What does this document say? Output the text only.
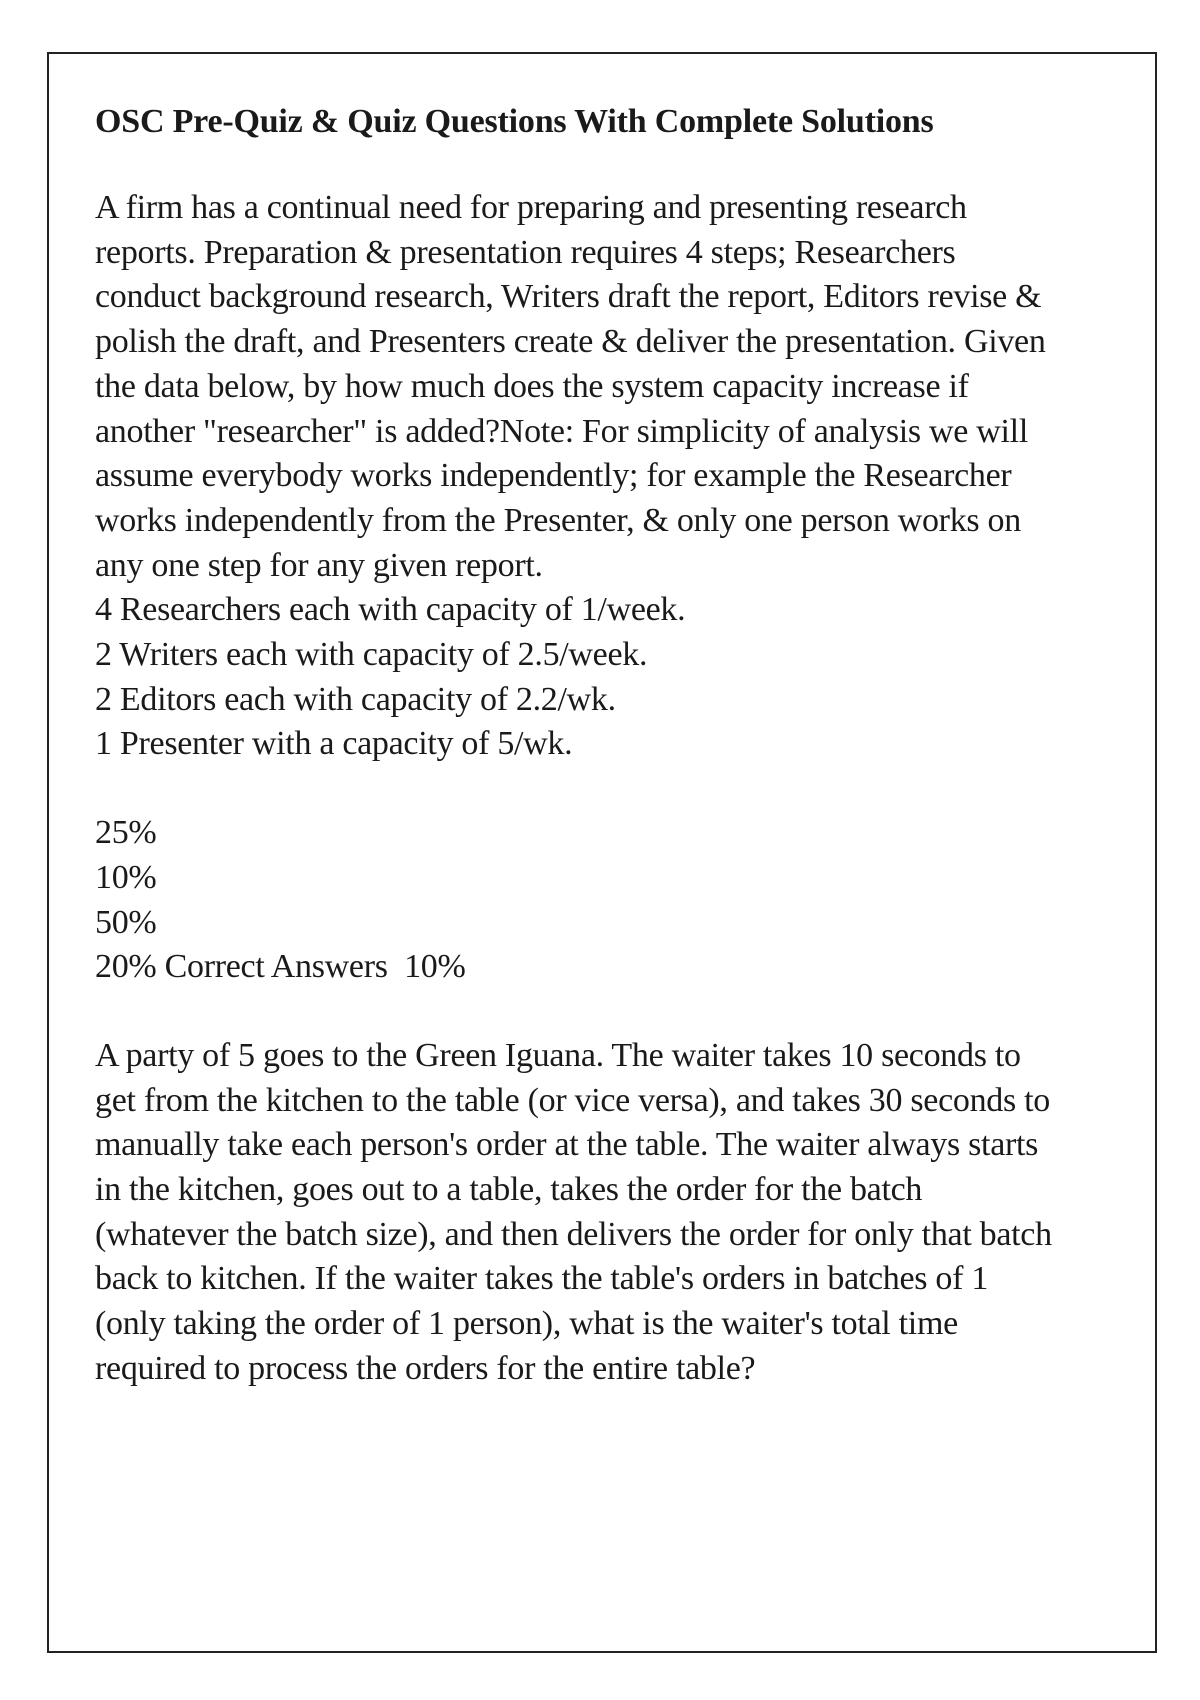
OSC Pre-Quiz & Quiz Questions With Complete Solutions

A firm has a continual need for preparing and presenting research reports. Preparation & presentation requires 4 steps; Researchers conduct background research, Writers draft the report, Editors revise & polish the draft, and Presenters create & deliver the presentation. Given the data below, by how much does the system capacity increase if another "researcher" is added?Note: For simplicity of analysis we will assume everybody works independently; for example the Researcher works independently from the Presenter, & only one person works on any one step for any given report.

4 Researchers each with capacity of 1/week.

2 Writers each with capacity of 2.5/week.

2 Editors each with capacity of 2.2/wk.

1 Presenter with a capacity of 5/wk.

25%

10%

50%

20% Correct Answers  10%

A party of 5 goes to the Green Iguana. The waiter takes 10 seconds to get from the kitchen to the table (or vice versa), and takes 30 seconds to manually take each person's order at the table. The waiter always starts in the kitchen, goes out to a table, takes the order for the batch (whatever the batch size), and then delivers the order for only that batch back to kitchen. If the waiter takes the table's orders in batches of 1 (only taking the order of 1 person), what is the waiter's total time required to process the orders for the entire table?
